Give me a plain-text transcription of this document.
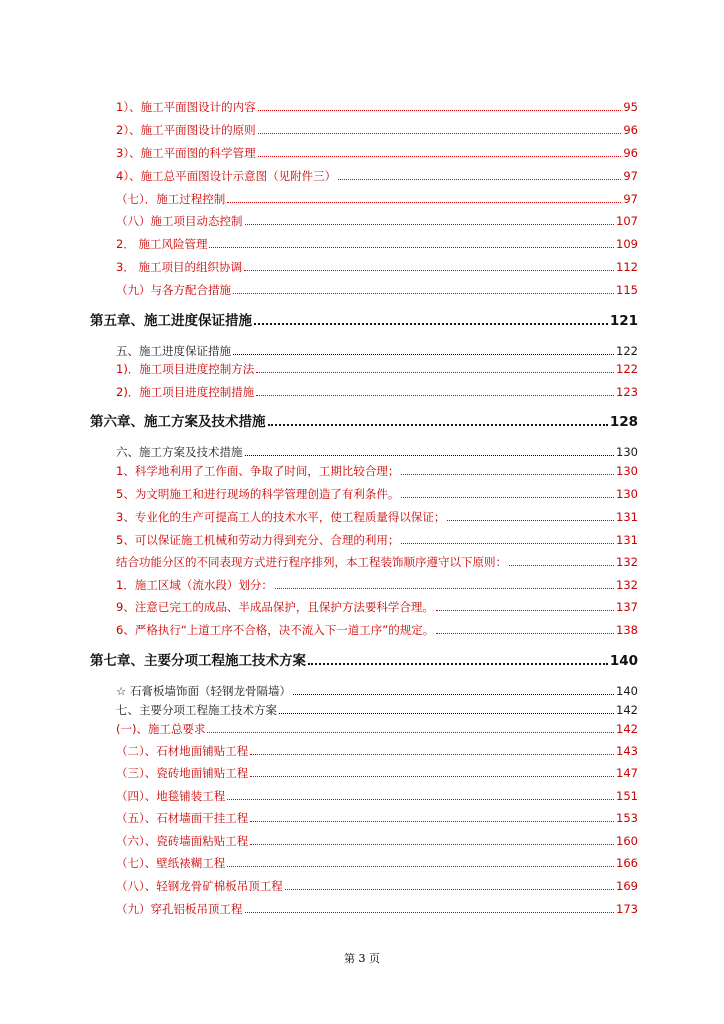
1）、施工平面图设计的内容	95
2）、施工平面图设计的原则	96
3）、施工平面图的科学管理	96
4）、施工总平面图设计示意图（见附件三）	97
（七）．施工过程控制	97
（八）施工项目动态控制	107
2． 施工风险管理	109
3． 施工项目的组织协调	112
（九）与各方配合措施	115
第五章、施工进度保证措施	121
五、施工进度保证措施	122
1)．施工项目进度控制方法	122
2)．施工项目进度控制措施	123
第六章、施工方案及技术措施	128
六、施工方案及技术措施	130
1、科学地利用了工作面、争取了时间，工期比较合理；	130
5、为文明施工和进行现场的科学管理创造了有利条件。	130
3、专业化的生产可提高工人的技术水平，使工程质量得以保证；	131
5、可以保证施工机械和劳动力得到充分、合理的利用；	131
结合功能分区的不同表现方式进行程序排列，本工程装饰顺序遵守以下原则：	132
1．施工区域（流水段）划分：	132
9、注意已完工的成品、半成品保护，且保护方法要科学合理。	137
6、严格执行“上道工序不合格，决不流入下一道工序”的规定。	138
第七章、主要分项工程施工技术方案	140
☆ 石膏板墙饰面（轻钢龙骨隔墙）	140
七、主要分项工程施工技术方案	142
(一)、施工总要求	142
（二）、石材地面铺贴工程	143
（三）、瓷砖地面铺贴工程	147
（四）、地毯铺装工程	151
（五）、石材墙面干挂工程	153
（六）、瓷砖墙面粘贴工程	160
（七）、壁纸裱糊工程	166
（八）、轻钢龙骨矿棉板吊顶工程	169
（九）穿孔铝板吊顶工程	173
第 3 页
